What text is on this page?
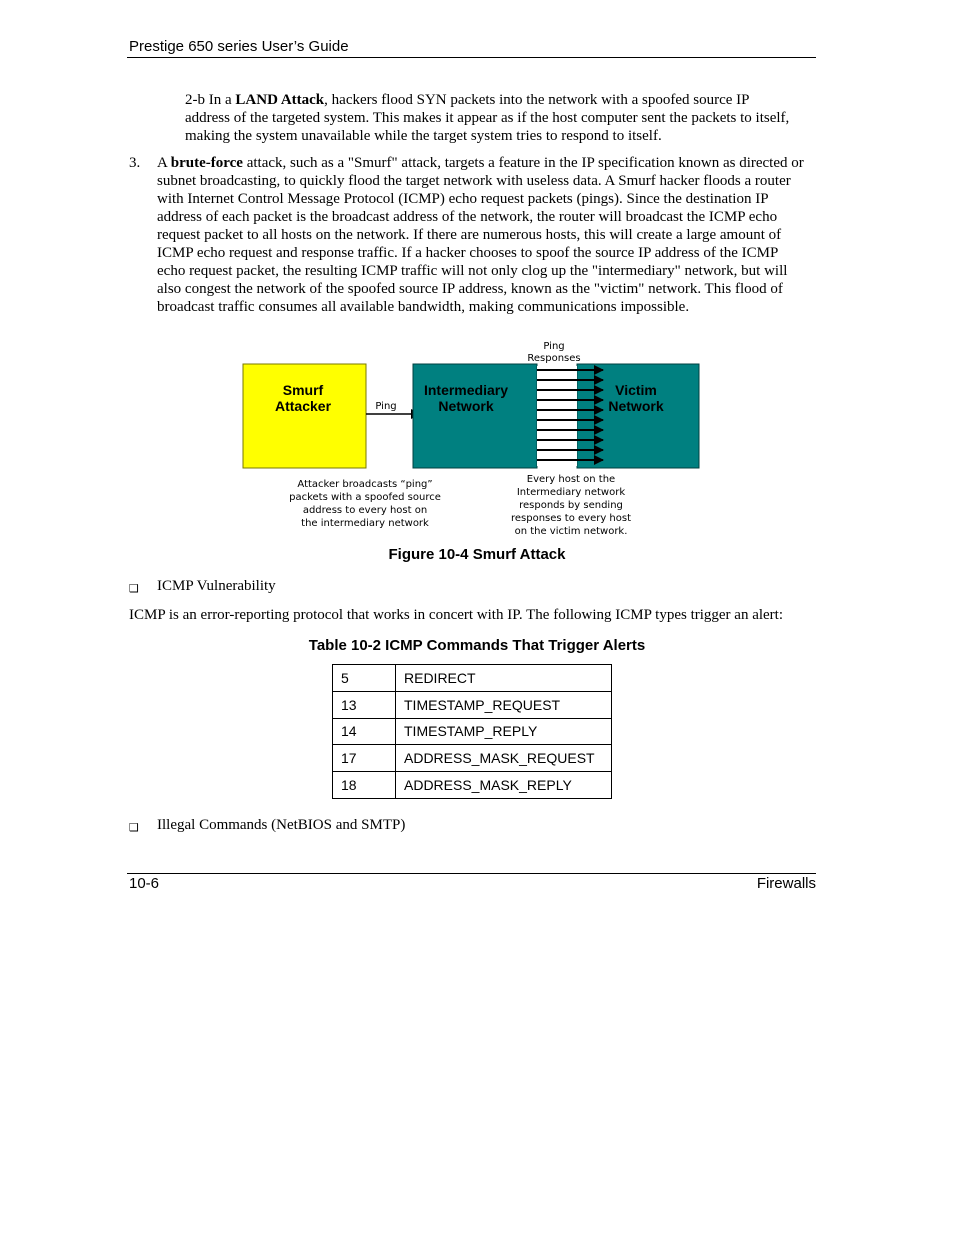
Prestige 650 series User’s Guide
2-b In a LAND Attack, hackers flood SYN packets into the network with a spoofed source IP address of the targeted system. This makes it appear as if the host computer sent the packets to itself, making the system unavailable while the target system tries to respond to itself.
3. A brute-force attack, such as a "Smurf" attack, targets a feature in the IP specification known as directed or subnet broadcasting, to quickly flood the target network with useless data. A Smurf hacker floods a router with Internet Control Message Protocol (ICMP) echo request packets (pings). Since the destination IP address of each packet is the broadcast address of the network, the router will broadcast the ICMP echo request packet to all hosts on the network. If there are numerous hosts, this will create a large amount of ICMP echo request and response traffic. If a hacker chooses to spoof the source IP address of the ICMP echo request packet, the resulting ICMP traffic will not only clog up the "intermediary" network, but will also congest the network of the spoofed source IP address, known as the "victim" network. This flood of broadcast traffic consumes all available bandwidth, making communications impossible.
Smurf
Attacker	Ping
Intermediary
Network
Victim
Network
Ping
Responses
Attacker broadcasts “ping”
packets with a spoofed source
address to every host on
the intermediary network
Every host on the
Intermediary network
responds by sending
responses to every host
on the victim network.
Figure 10-4 Smurf Attack
❑ ICMP Vulnerability
ICMP is an error-reporting protocol that works in concert with IP. The following ICMP types trigger an alert:
Table 10-2 ICMP Commands That Trigger Alerts
5	REDIRECT
13	TIMESTAMP_REQUEST
14	TIMESTAMP_REPLY
17	ADDRESS_MASK_REQUEST
18	ADDRESS_MASK_REPLY
❑ Illegal Commands (NetBIOS and SMTP)
10-6	Firewalls
